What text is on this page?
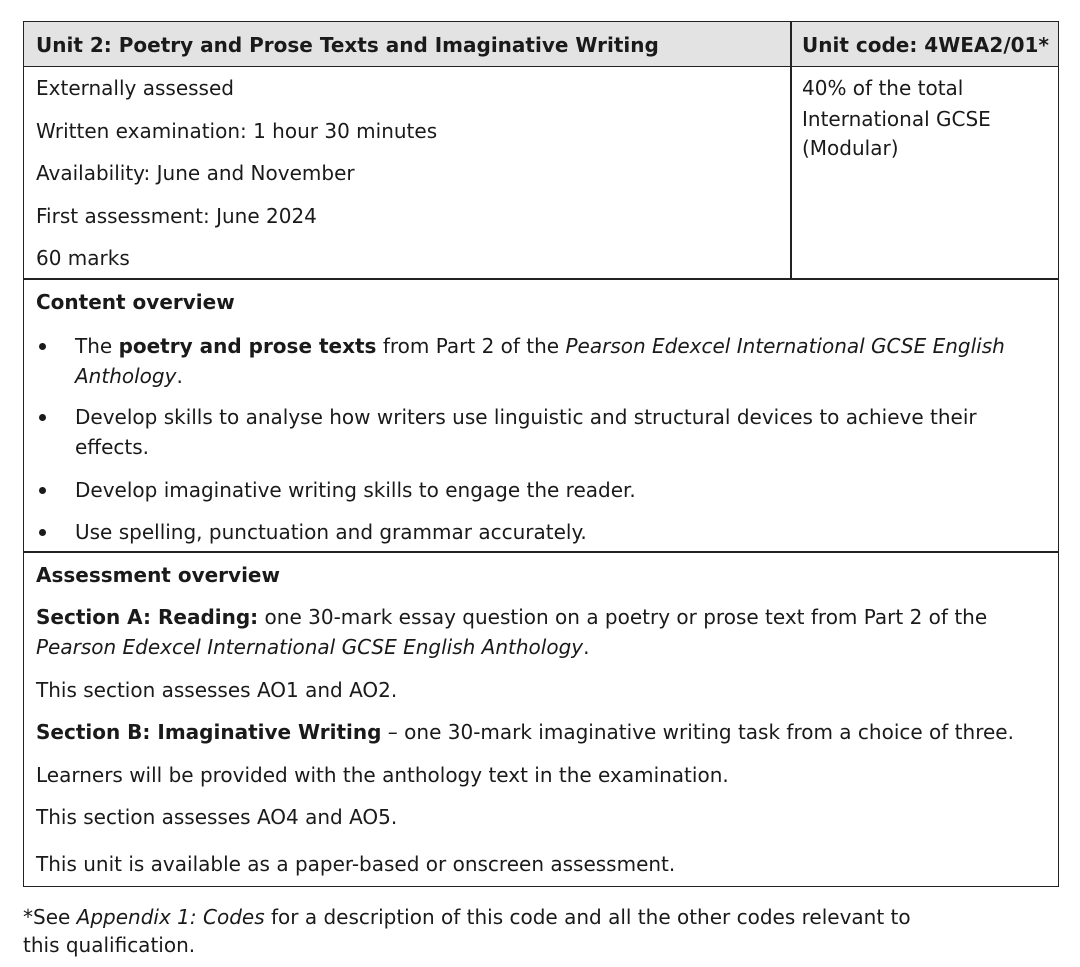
Unit 2: Poetry and Prose Texts and Imaginative Writing	Unit code: 4WEA2/01*
Externally assessed
Written examination: 1 hour 30 minutes
Availability: June and November
First assessment: June 2024
60 marks
40% of the total
International GCSE
(Modular)
Content overview
The poetry and prose texts from Part 2 of the Pearson Edexcel International GCSE English
Anthology.
Develop skills to analyse how writers use linguistic and structural devices to achieve their
effects.
Develop imaginative writing skills to engage the reader.
Use spelling, punctuation and grammar accurately.
Assessment overview
Section A: Reading: one 30-mark essay question on a poetry or prose text from Part 2 of the
Pearson Edexcel International GCSE English Anthology.
This section assesses AO1 and AO2.
Section B: Imaginative Writing – one 30-mark imaginative writing task from a choice of three.
Learners will be provided with the anthology text in the examination.
This section assesses AO4 and AO5.
This unit is available as a paper-based or onscreen assessment.
*See Appendix 1: Codes for a description of this code and all the other codes relevant to
this qualification.
